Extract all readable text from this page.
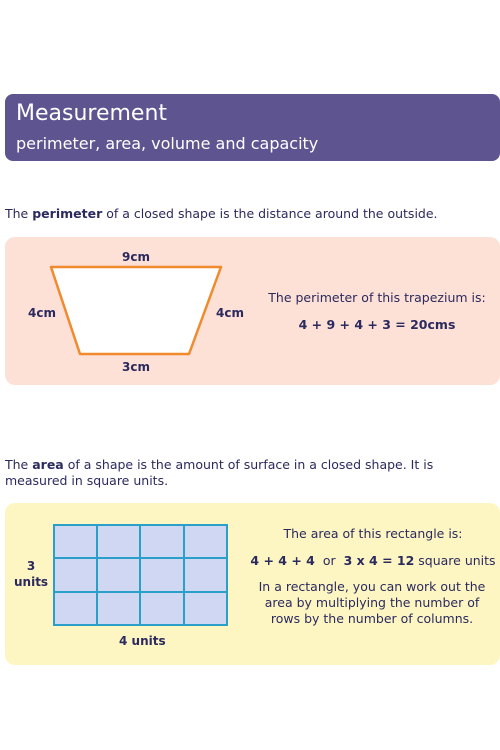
Measurement
perimeter, area, volume and capacity
The perimeter of a closed shape is the distance around the outside.
9cm
4cm	4cm
3cm
The perimeter of this trapezium is:
4 + 9 + 4 + 3 = 20cms
The area of a shape is the amount of surface in a closed shape. It is measured in square units.
3
units
4 units
The area of this rectangle is:
4 + 4 + 4  or  3 x 4 = 12 square units
In a rectangle, you can work out the area by multiplying the number of rows by the number of columns.
